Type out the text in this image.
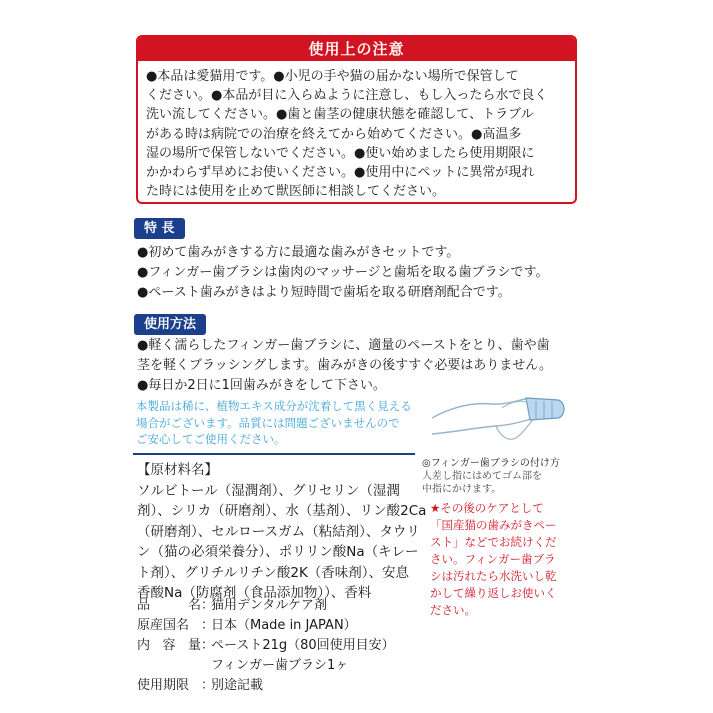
使用上の注意
●本品は愛猫用です。●小児の手や猫の届かない場所で保管して
ください。●本品が目に入らぬように注意し、もし入ったら水で良く
洗い流してください。●歯と歯茎の健康状態を確認して、トラブル
がある時は病院での治療を終えてから始めてください。●高温多
湿の場所で保管しないでください。●使い始めましたら使用期限に
かかわらず早めにお使いください。●使用中にペットに異常が現れ
た時には使用を止めて獣医師に相談してください。
特 長
●初めて歯みがきする方に最適な歯みがきセットです。
●フィンガー歯ブラシは歯肉のマッサージと歯垢を取る歯ブラシです。
●ペースト歯みがきはより短時間で歯垢を取る研磨剤配合です。
使用方法
●軽く濡らしたフィンガー歯ブラシに、適量のペーストをとり、歯や歯
茎を軽くブラッシングします。歯みがきの後すすぐ必要はありません。
●毎日か2日に1回歯みがきをして下さい。
本製品は稀に、植物エキス成分が沈着して黒く見える
場合がございます。品質には問題ございませんので
ご安心してご使用ください。
◎フィンガー歯ブラシの付け方
人差し指にはめてゴム部を
中指にかけます。
【原材料名】
ソルビトール（湿潤剤）、グリセリン（湿潤
剤）、シリカ（研磨剤）、水（基剤）、リン酸2Ca
（研磨剤）、セルロースガム（粘結剤）、タウリ
ン（猫の必須栄養分）、ポリリン酸Na（キレー
ト剤）、グリチルリチン酸2K（香味剤）、安息
香酸Na（防腐剤（食品添加物））、香料
★その後のケアとして
「国産猫の歯みがきペー
スト」などでお続けくだ
さい。フィンガー歯ブラ
シは汚れたら水洗いし乾
かして繰り返しお使いく
ださい。
品	名 ：
猫用デンタルケア剤
原産国名 ：
日本（Made in JAPAN）
内 容 量 ：
ペースト21g（80回使用目安）
フィンガー歯ブラシ1ヶ
使用期限 ：
別途記載
